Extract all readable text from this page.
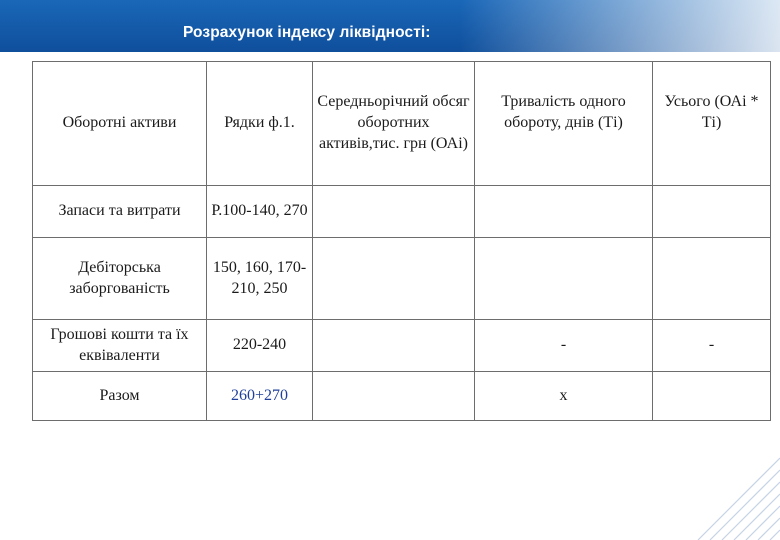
Розрахунок індексу ліквідності:
Оборотні активи	Рядки ф.1.	Середньорічний обсяг оборотних активів,тис. грн (ОАі)	Тривалість одного обороту, днів (Ті)	Усього (ОАі * Ті)
Запаси та витрати	Р.100-140, 270			
Дебіторська заборгованість	150, 160, 170-210, 250			
Грошові кошти та їх еквіваленти	220-240		-	-
Разом	260+270		х	
